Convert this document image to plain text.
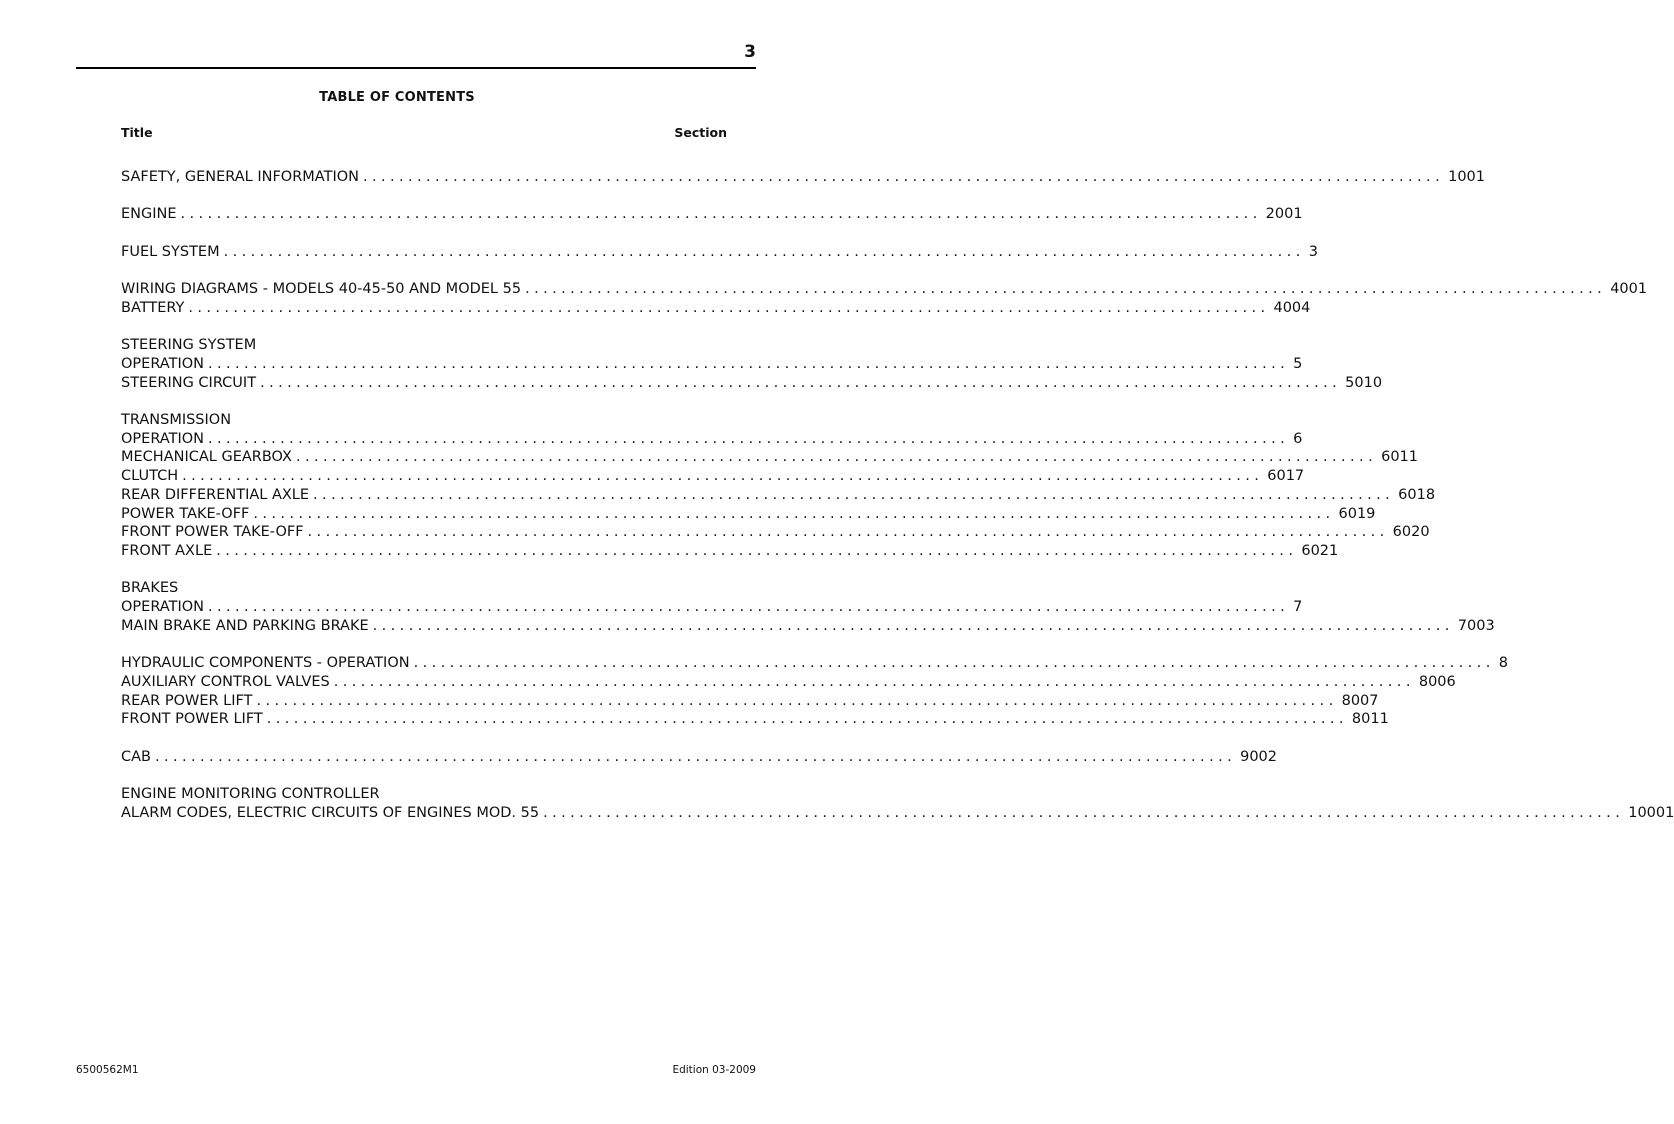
3
TABLE OF CONTENTS
Title	Section
SAFETY, GENERAL INFORMATION ........................................................................................................................ 1001
ENGINE ........................................................................................................................ 2001
FUEL SYSTEM ........................................................................................................................ 3
WIRING DIAGRAMS - MODELS 40-45-50 AND MODEL 55 ........................................................................................................................ 4001
BATTERY ........................................................................................................................ 4004
STEERING SYSTEM
OPERATION ........................................................................................................................ 5
STEERING CIRCUIT ........................................................................................................................ 5010
TRANSMISSION
OPERATION ........................................................................................................................ 6
MECHANICAL GEARBOX ........................................................................................................................ 6011
CLUTCH ........................................................................................................................ 6017
REAR DIFFERENTIAL AXLE ........................................................................................................................ 6018
POWER TAKE-OFF ........................................................................................................................ 6019
FRONT POWER TAKE-OFF ........................................................................................................................ 6020
FRONT AXLE ........................................................................................................................ 6021
BRAKES
OPERATION ........................................................................................................................ 7
MAIN BRAKE AND PARKING BRAKE ........................................................................................................................ 7003
HYDRAULIC COMPONENTS - OPERATION ........................................................................................................................ 8
AUXILIARY CONTROL VALVES ........................................................................................................................ 8006
REAR POWER LIFT ........................................................................................................................ 8007
FRONT POWER LIFT ........................................................................................................................ 8011
CAB ........................................................................................................................ 9002
ENGINE MONITORING CONTROLLER
ALARM CODES, ELECTRIC CIRCUITS OF ENGINES MOD. 55 ........................................................................................................................ 10001
6500562M1	Edition 03-2009
